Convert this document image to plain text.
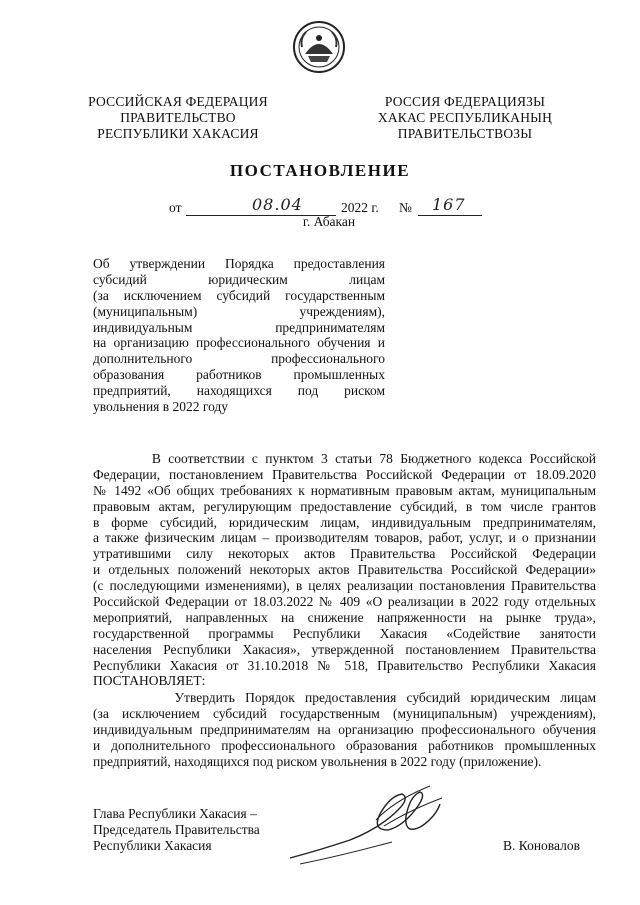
РОССИЙСКАЯ ФЕДЕРАЦИЯ
ПРАВИТЕЛЬСТВО
РЕСПУБЛИКИ ХАКАСИЯ
РОССИЯ ФЕДЕРАЦИЯЗЫ
ХАКАС РЕСПУБЛИКАНЫҢ
ПРАВИТЕЛЬСТВОЗЫ
ПОСТАНОВЛЕНИЕ
от	08.04	2022 г. № 167
г. Абакан
Об утверждении Порядка предоставления
субсидий юридическим лицам
(за исключением субсидий государственным
(муниципальным) учреждениям),
индивидуальным предпринимателям
на организацию профессионального обучения и
дополнительного профессионального
образования работников промышленных
предприятий, находящихся под риском
увольнения в 2022 году
В соответствии с пунктом 3 статьи 78 Бюджетного кодекса Российской
Федерации, постановлением Правительства Российской Федерации от 18.09.2020
№ 1492 «Об общих требованиях к нормативным правовым актам, муниципальным
правовым актам, регулирующим предоставление субсидий, в том числе грантов
в форме субсидий, юридическим лицам, индивидуальным предпринимателям,
а также физическим лицам – производителям товаров, работ, услуг, и о признании
утратившими силу некоторых актов Правительства Российской Федерации
и отдельных положений некоторых актов Правительства Российской Федерации»
(с последующими изменениями), в целях реализации постановления Правительства
Российской Федерации от 18.03.2022 № 409 «О реализации в 2022 году отдельных
мероприятий, направленных на снижение напряженности на рынке труда»,
государственной программы Республики Хакасия «Содействие занятости
населения Республики Хакасия», утвержденной постановлением Правительства
Республики Хакасия от 31.10.2018 № 518, Правительство Республики Хакасия
ПОСТАНОВЛЯЕТ:
Утвердить Порядок предоставления субсидий юридическим лицам
(за исключением субсидий государственным (муниципальным) учреждениям),
индивидуальным предпринимателям на организацию профессионального обучения
и дополнительного профессионального образования работников промышленных
предприятий, находящихся под риском увольнения в 2022 году (приложение).
Глава Республики Хакасия –
Председатель Правительства
Республики Хакасия	В. Коновалов
